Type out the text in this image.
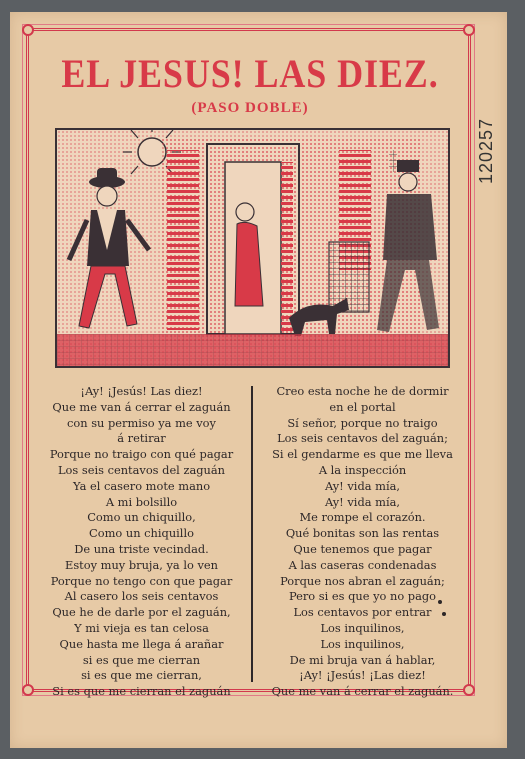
EL JESUS! LAS DIEZ.
(PASO DOBLE)
120257
¡Ay! ¡Jesús! Las diez!
Que me van á cerrar el zaguán
con su permiso ya me voy
á retirar
Porque no traigo con qué pagar
Los seis centavos del zaguán
Ya el casero mote mano
A mi bolsillo
Como un chiquillo,
Como un chiquillo
De una triste vecindad.
Estoy muy bruja, ya lo ven
Porque no tengo con que pagar
Al casero los seis centavos
Que he de darle por el zaguán,
Y mi vieja es tan celosa
Que hasta me llega á arañar
si es que me cierran
si es que me cierran,
Si es que me cierran el zaguán
Creo esta noche he de dormir
en el portal
Sí señor, porque no traigo
Los seis centavos del zaguán;
Si el gendarme es que me lleva
A la inspección
Ay! vida mía,
Ay! vida mía,
Me rompe el corazón.
Qué bonitas son las rentas
Que tenemos que pagar
A las caseras condenadas
Porque nos abran el zaguán;
Pero si es que yo no pago
Los centavos por entrar
Los inquilinos,
Los inquilinos,
De mi bruja van á hablar,
¡Ay! ¡Jesús! ¡Las diez!
Que me van á cerrar el zaguán.
